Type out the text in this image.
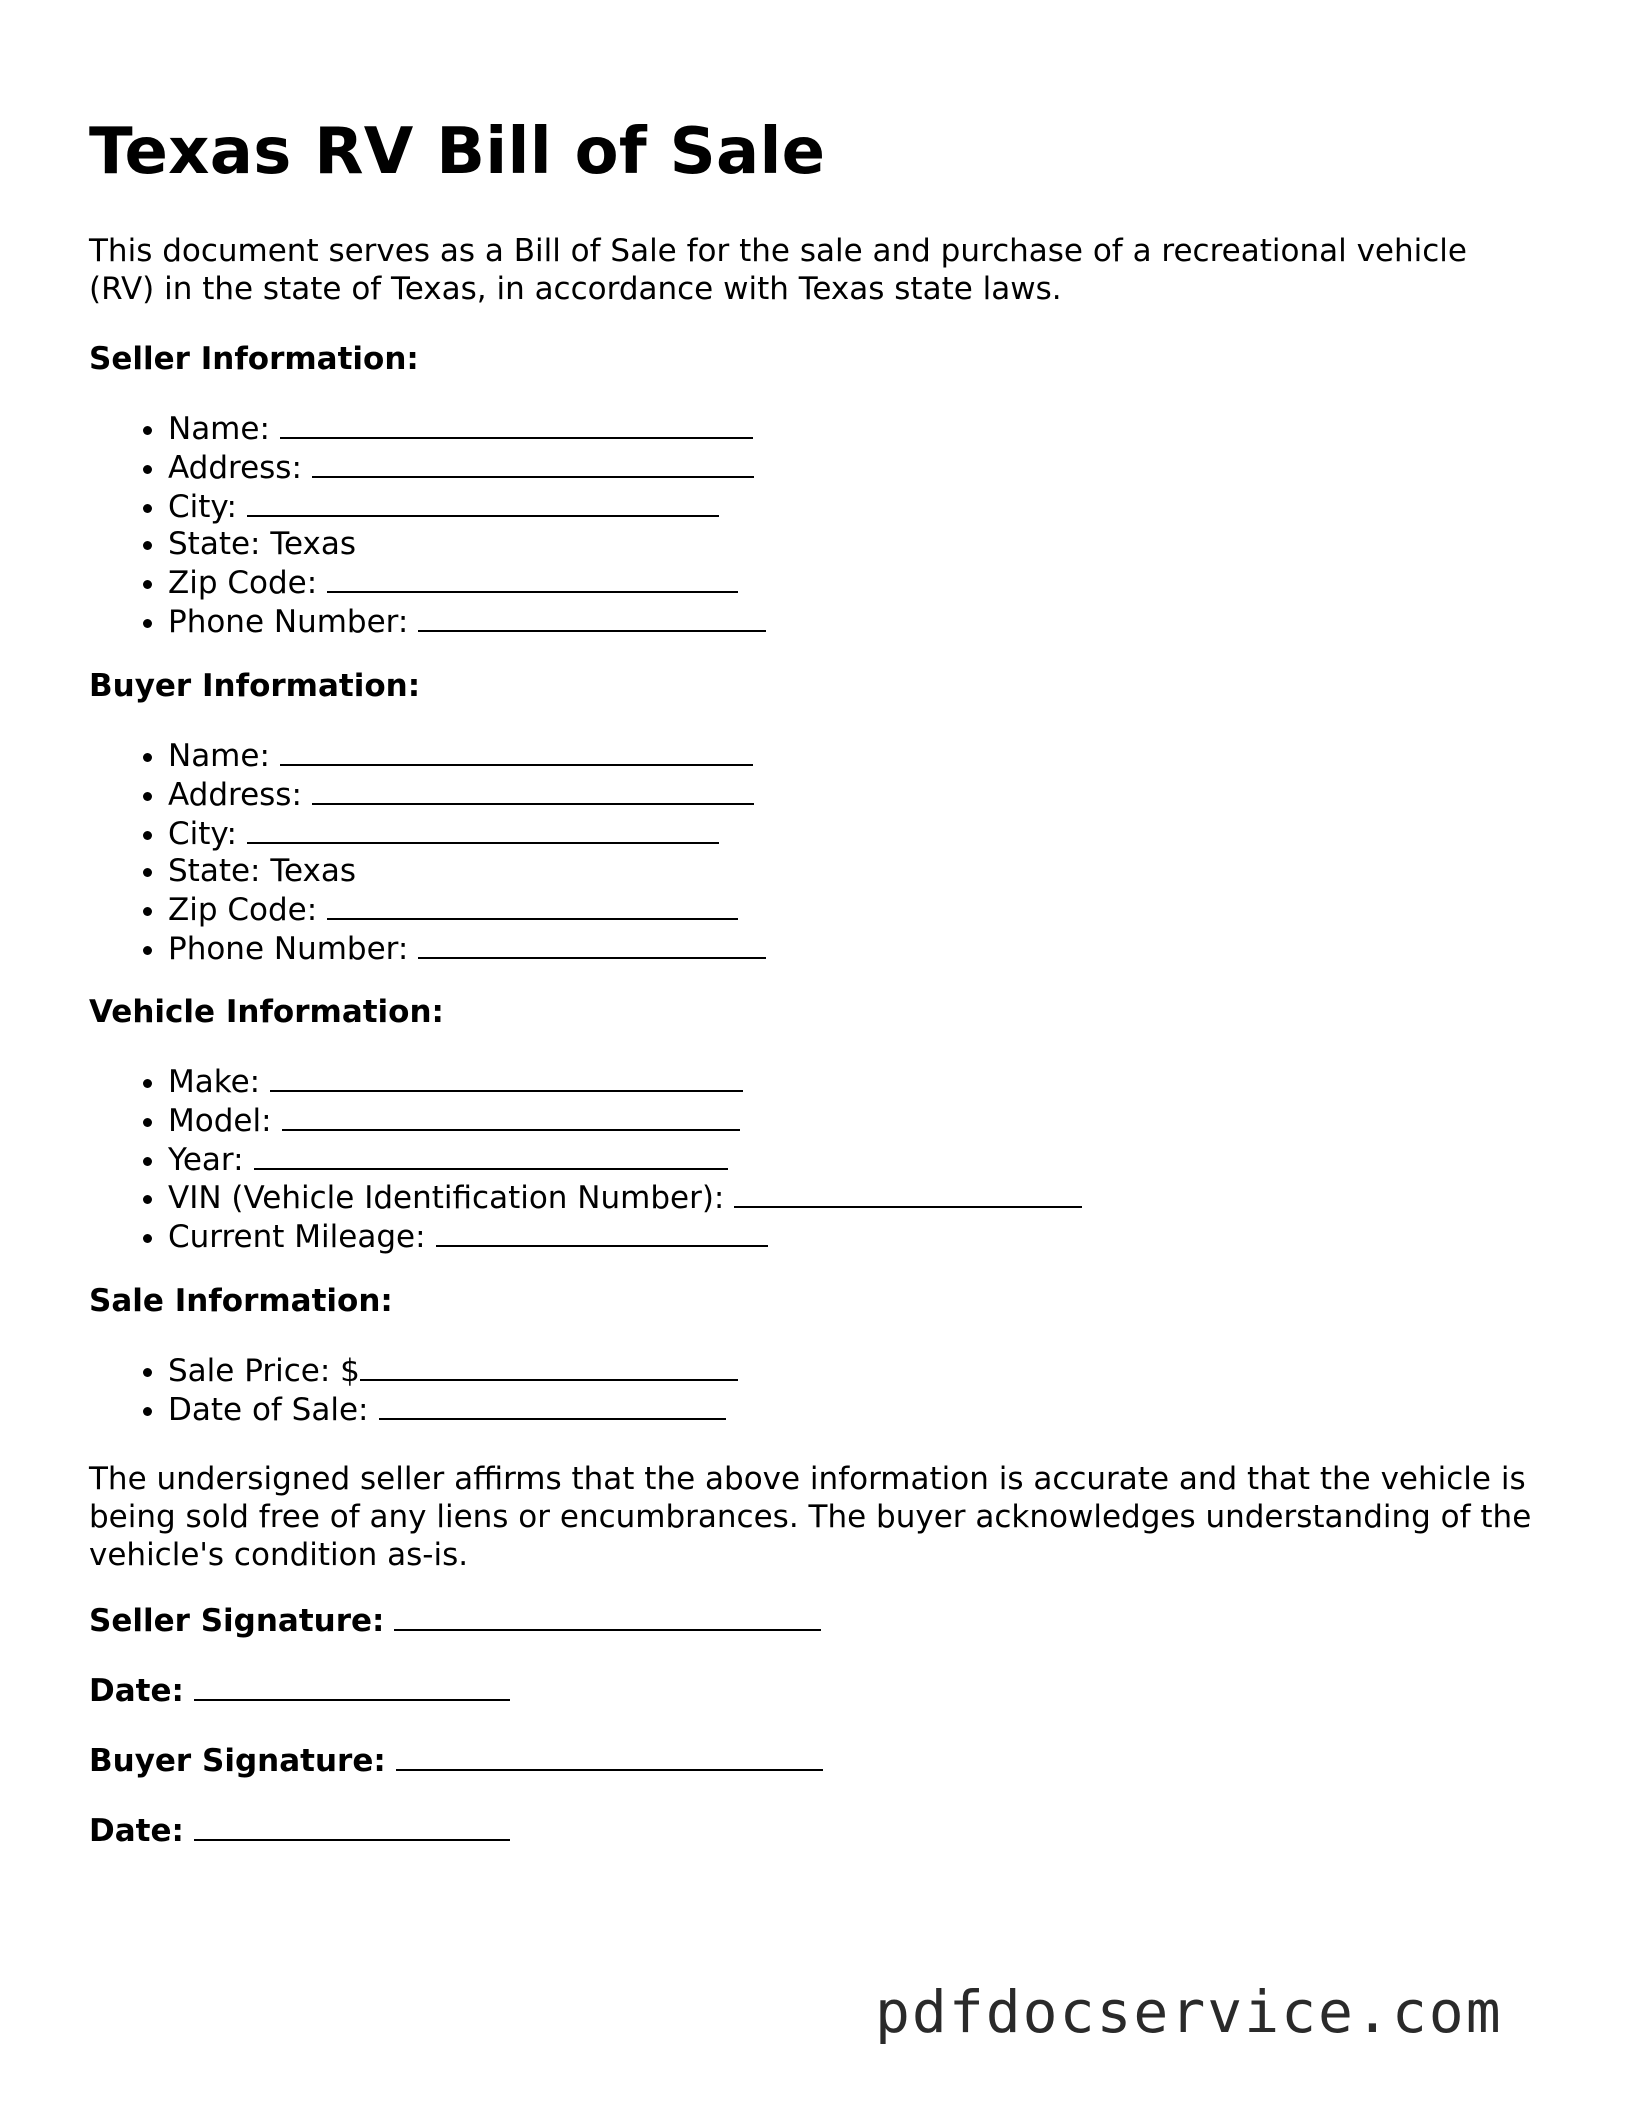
Texas RV Bill of Sale

This document serves as a Bill of Sale for the sale and purchase of a recreational vehicle (RV) in the state of Texas, in accordance with Texas state laws.

Seller Information:

• Name:
• Address:
• City:
• State: Texas
• Zip Code:
• Phone Number:

Buyer Information:

• Name:
• Address:
• City:
• State: Texas
• Zip Code:
• Phone Number:

Vehicle Information:

• Make:
• Model:
• Year:
• VIN (Vehicle Identification Number):
• Current Mileage:

Sale Information:

• Sale Price: $
• Date of Sale:

The undersigned seller affirms that the above information is accurate and that the vehicle is being sold free of any liens or encumbrances. The buyer acknowledges understanding of the vehicle's condition as-is.

Seller Signature:

Date:

Buyer Signature:

Date:

pdfdocservice.com
